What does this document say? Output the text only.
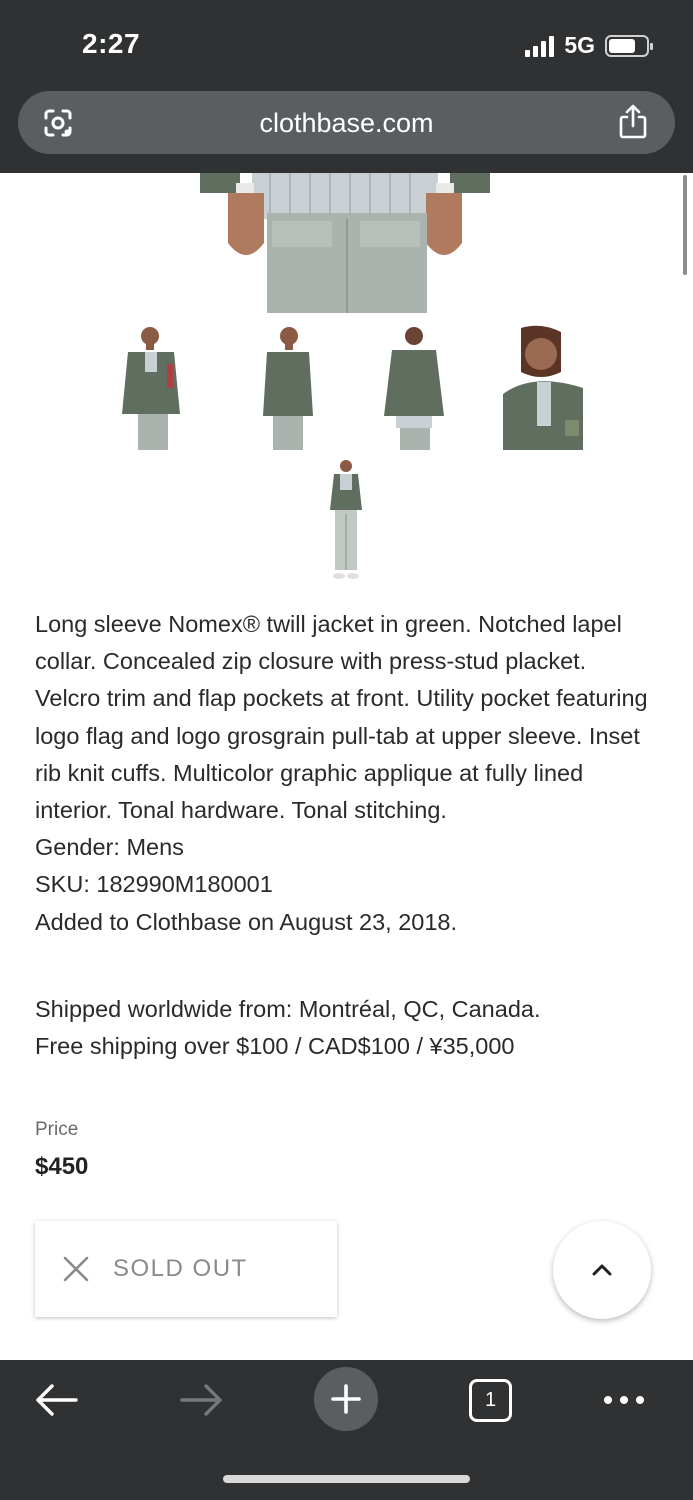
2:27	5G
clothbase.com

Long sleeve Nomex® twill jacket in green. Notched lapel collar. Concealed zip closure with press-stud placket. Velcro trim and flap pockets at front. Utility pocket featuring logo flag and logo grosgrain pull-tab at upper sleeve. Inset rib knit cuffs. Multicolor graphic applique at fully lined interior. Tonal hardware. Tonal stitching.

Gender: Mens

SKU: 182990M180001

Added to Clothbase on August 23, 2018.

Shipped worldwide from: Montréal, QC, Canada.

Free shipping over $100 / CAD$100 / ¥35,000

Price
$450
SOLD OUT
1
